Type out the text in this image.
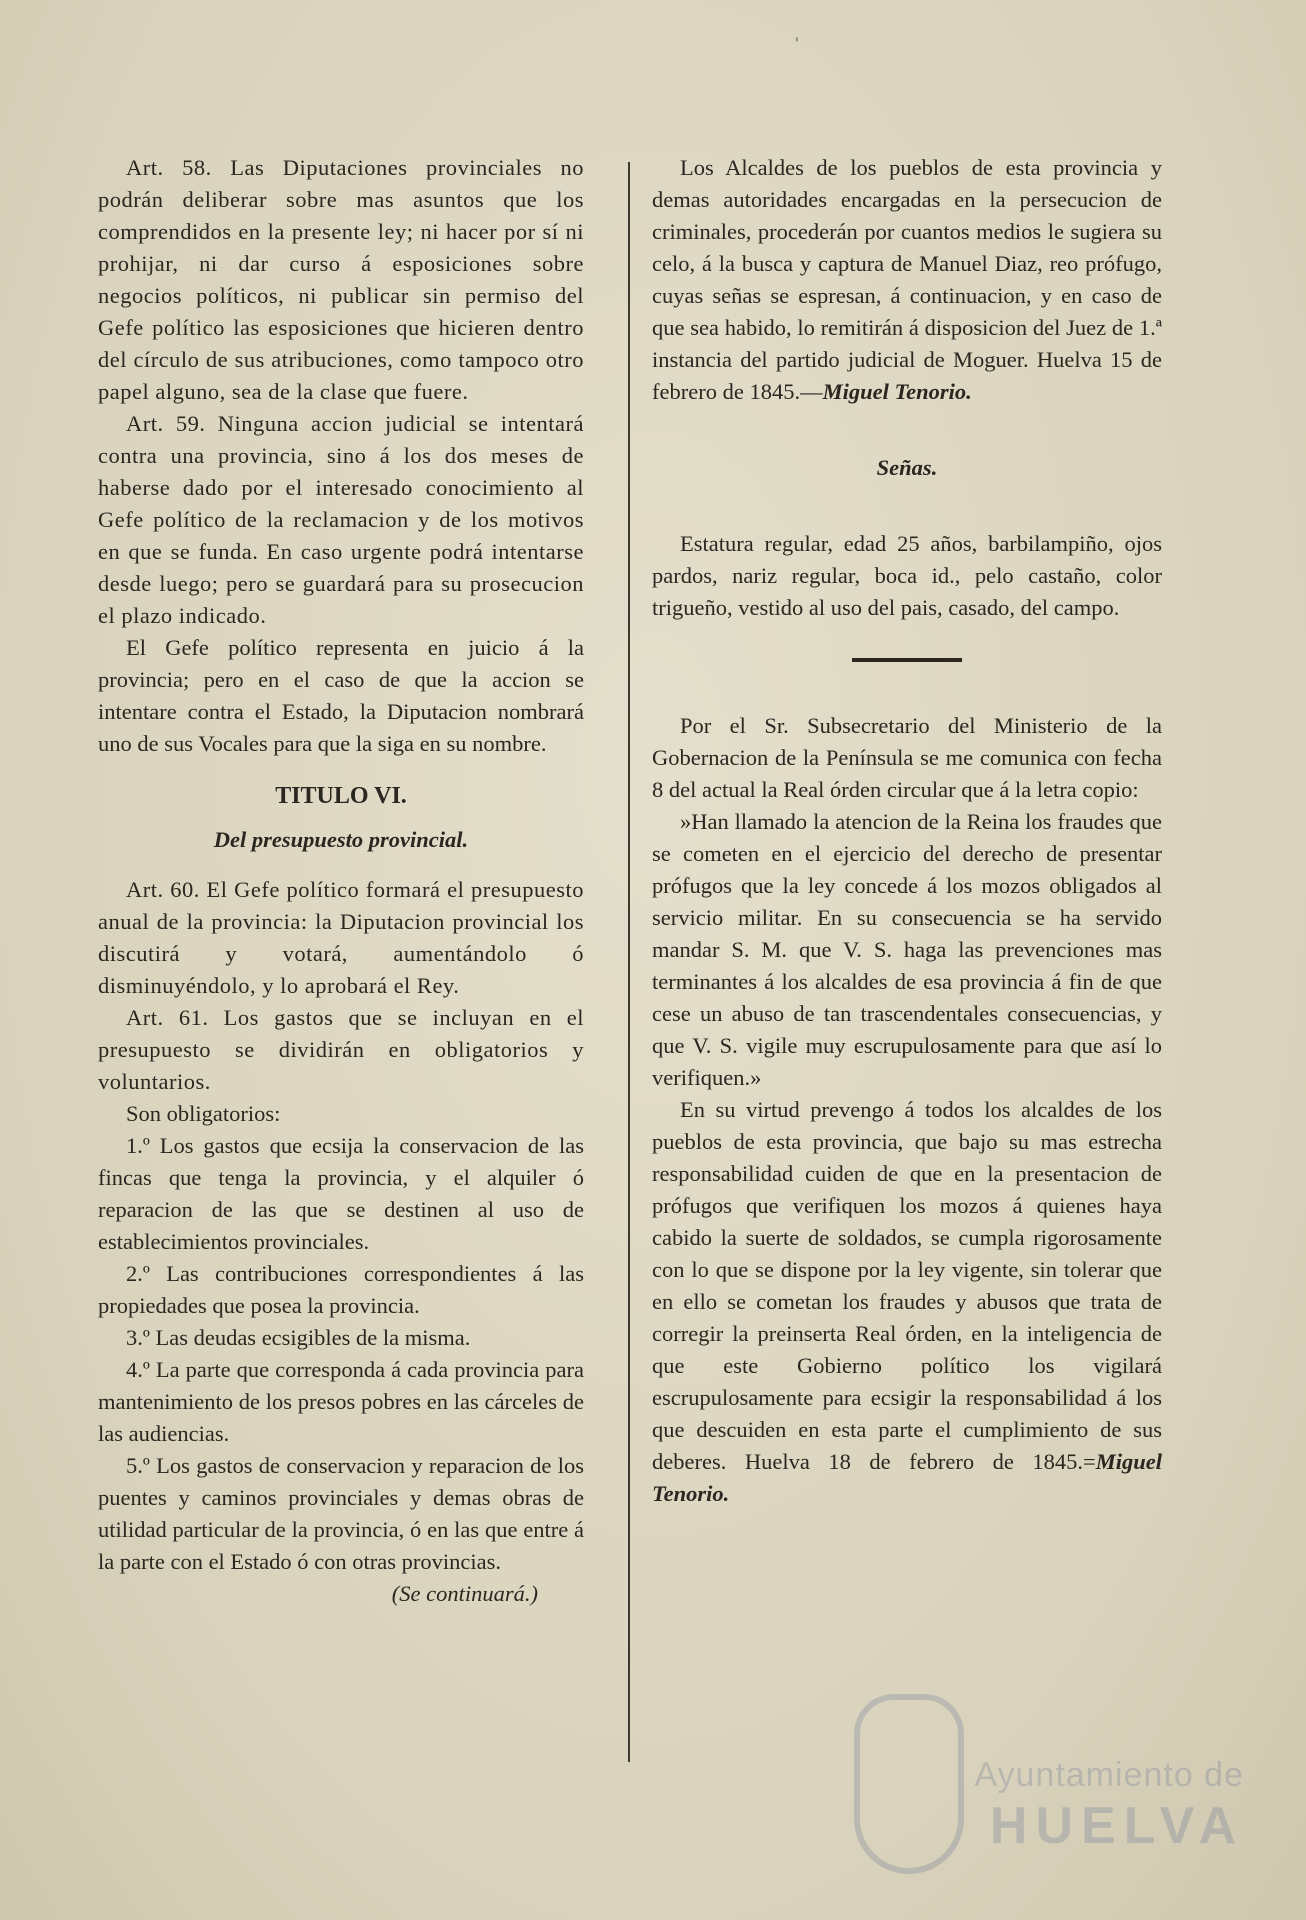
'

Art. 58. Las Diputaciones provinciales no podrán deliberar sobre mas asuntos que los comprendidos en la presente ley; ni hacer por sí ni prohijar, ni dar curso á esposiciones sobre negocios políticos, ni publicar sin permiso del Gefe político las esposiciones que hicieren dentro del círculo de sus atribuciones, como tampoco otro papel alguno, sea de la clase que fuere.

Art. 59. Ninguna accion judicial se intentará contra una provincia, sino á los dos meses de haberse dado por el interesado conocimiento al Gefe político de la reclamacion y de los motivos en que se funda. En caso urgente podrá intentarse desde luego; pero se guardará para su prosecucion el plazo indicado.

El Gefe político representa en juicio á la provincia; pero en el caso de que la accion se intentare contra el Estado, la Diputacion nombrará uno de sus Vocales para que la siga en su nombre.

TITULO VI.

Del presupuesto provincial.

Art. 60. El Gefe político formará el presupuesto anual de la provincia: la Diputacion provincial los discutirá y votará, aumentándolo ó disminuyéndolo, y lo aprobará el Rey.

Art. 61. Los gastos que se incluyan en el presupuesto se dividirán en obligatorios y voluntarios.

Son obligatorios:

1.º Los gastos que ecsija la conservacion de las fincas que tenga la provincia, y el alquiler ó reparacion de las que se destinen al uso de establecimientos provinciales.

2.º Las contribuciones correspondientes á las propiedades que posea la provincia.

3.º Las deudas ecsigibles de la misma.

4.º La parte que corresponda á cada provincia para mantenimiento de los presos pobres en las cárceles de las audiencias.

5.º Los gastos de conservacion y reparacion de los puentes y caminos provinciales y demas obras de utilidad particular de la provincia, ó en las que entre á la parte con el Estado ó con otras provincias.

(Se continuará.)

Los Alcaldes de los pueblos de esta provincia y demas autoridades encargadas en la persecucion de criminales, procederán por cuantos medios le sugiera su celo, á la busca y captura de Manuel Diaz, reo prófugo, cuyas señas se espresan, á continuacion, y en caso de que sea habido, lo remitirán á disposicion del Juez de 1.ª instancia del partido judicial de Moguer. Huelva 15 de febrero de 1845.—Miguel Tenorio.

Señas.

Estatura regular, edad 25 años, barbilampiño, ojos pardos, nariz regular, boca id., pelo castaño, color trigueño, vestido al uso del pais, casado, del campo.

Por el Sr. Subsecretario del Ministerio de la Gobernacion de la Península se me comunica con fecha 8 del actual la Real órden circular que á la letra copio:

»Han llamado la atencion de la Reina los fraudes que se cometen en el ejercicio del derecho de presentar prófugos que la ley concede á los mozos obligados al servicio militar. En su consecuencia se ha servido mandar S. M. que V. S. haga las prevenciones mas terminantes á los alcaldes de esa provincia á fin de que cese un abuso de tan trascendentales consecuencias, y que V. S. vigile muy escrupulosamente para que así lo verifiquen.»

En su virtud prevengo á todos los alcaldes de los pueblos de esta provincia, que bajo su mas estrecha responsabilidad cuiden de que en la presentacion de prófugos que verifiquen los mozos á quienes haya cabido la suerte de soldados, se cumpla rigorosamente con lo que se dispone por la ley vigente, sin tolerar que en ello se cometan los fraudes y abusos que trata de corregir la preinserta Real órden, en la inteligencia de que este Gobierno político los vigilará escrupulosamente para ecsigir la responsabilidad á los que descuiden en esta parte el cumplimiento de sus deberes. Huelva 18 de febrero de 1845.=Miguel Tenorio.

Ayuntamiento de
HUELVA
